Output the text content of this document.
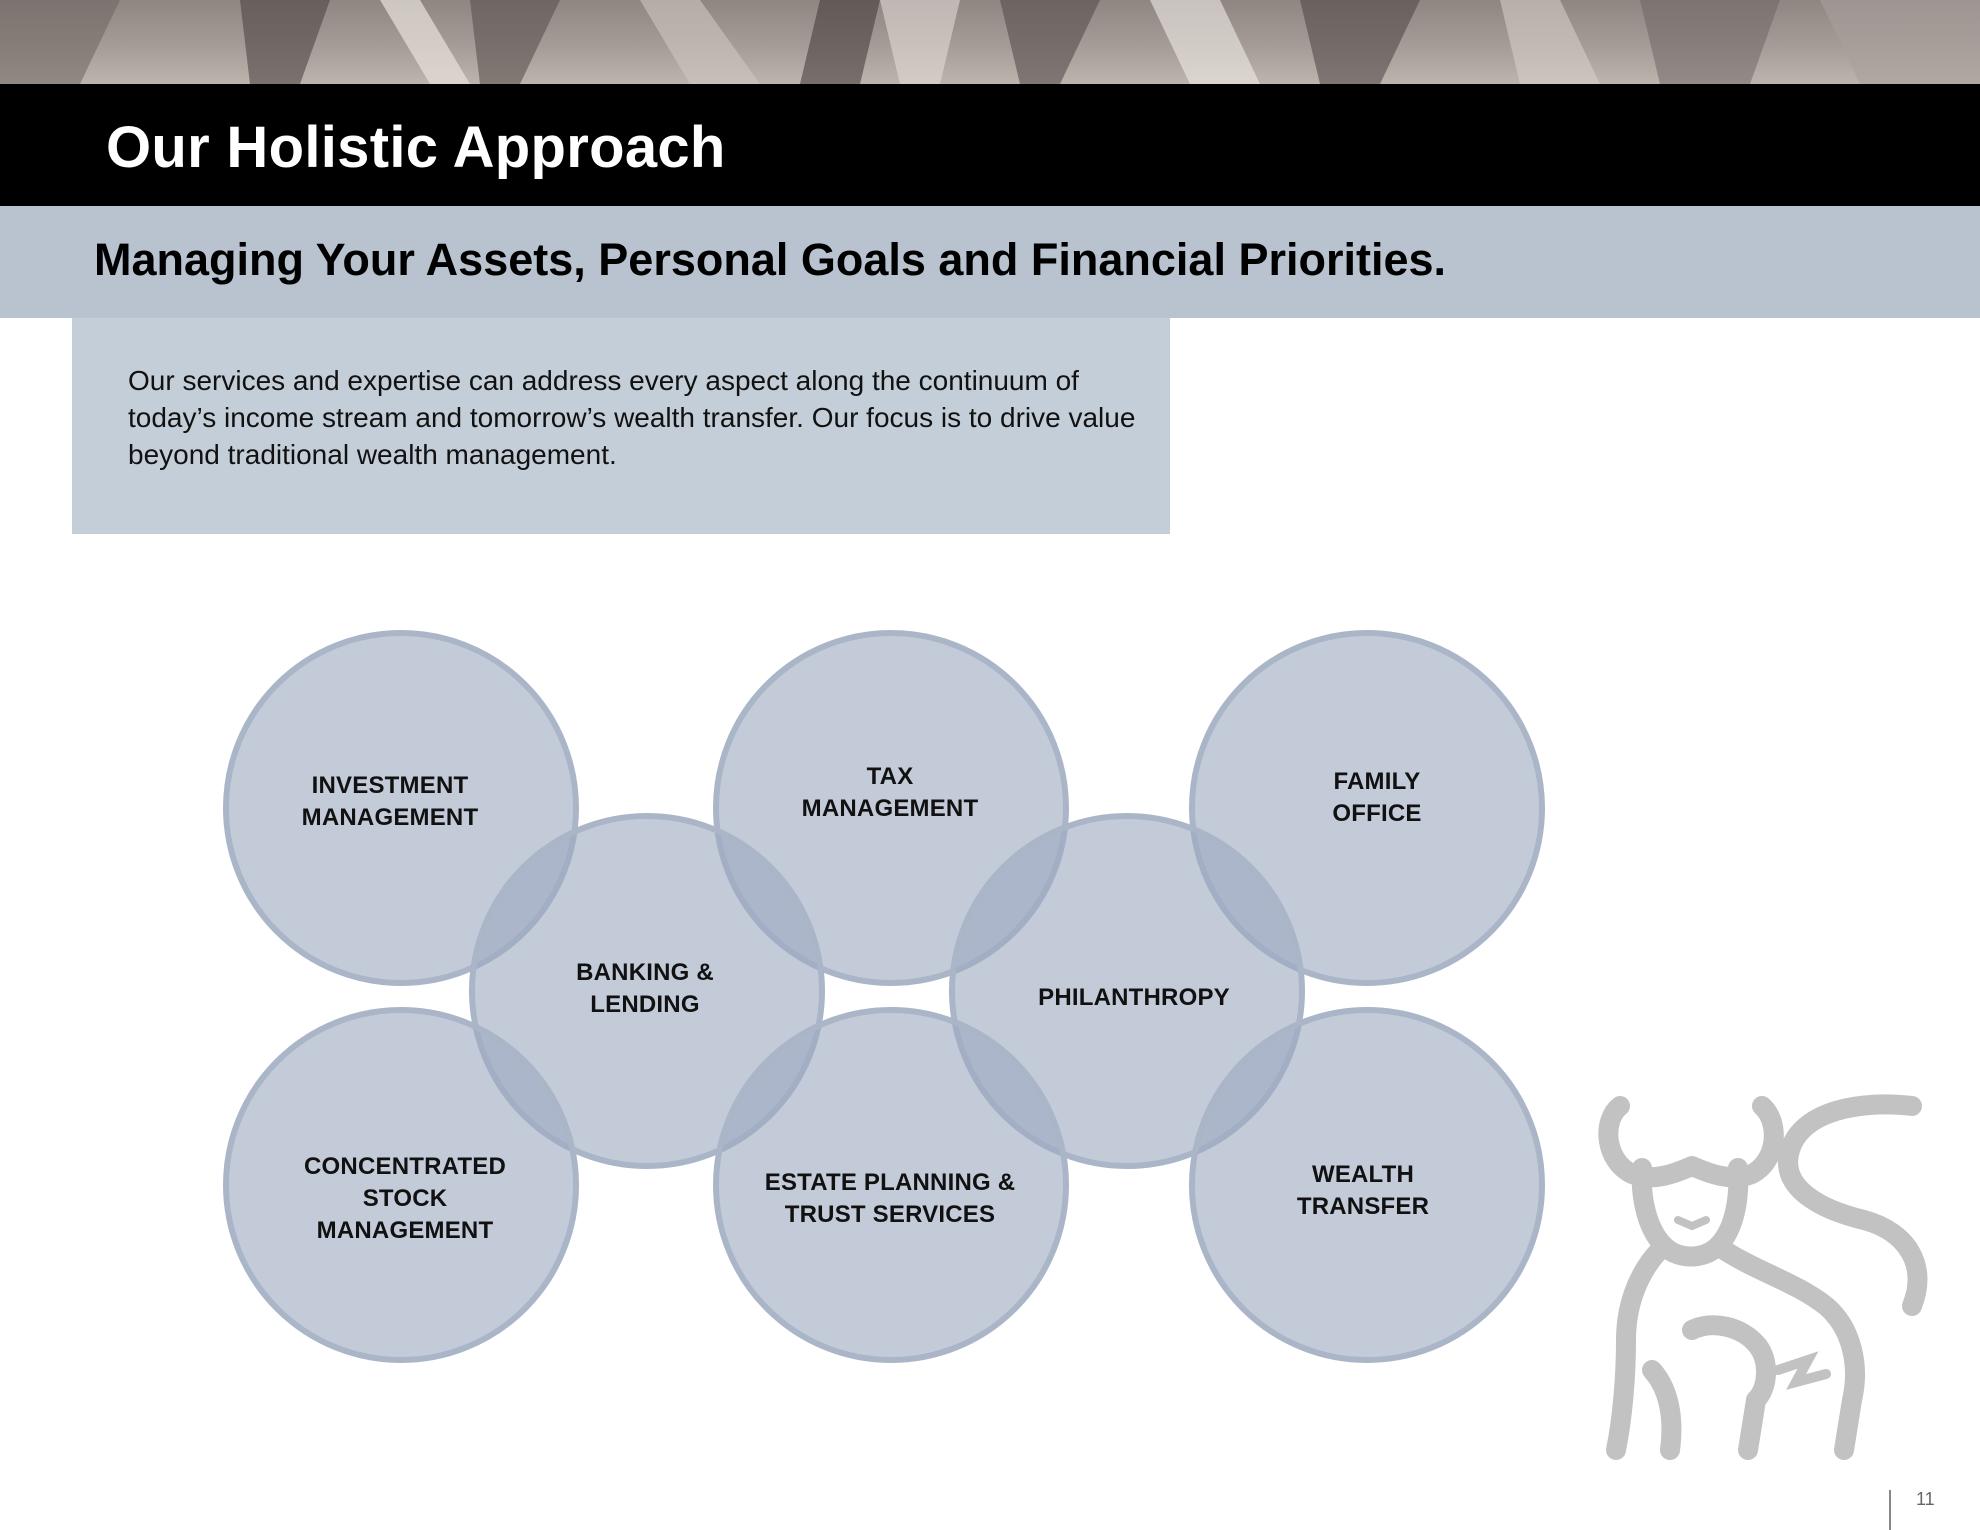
Our Holistic Approach
Managing Your Assets, Personal Goals and Financial Priorities.

Our services and expertise can address every aspect along the continuum of today’s income stream and tomorrow’s wealth transfer. Our focus is to drive value beyond traditional wealth management.

INVESTMENT
MANAGEMENT
TAX
MANAGEMENT
FAMILY
OFFICE
BANKING &
LENDING	PHILANTHROPY
CONCENTRATED
STOCK
MANAGEMENT
ESTATE PLANNING &
TRUST SERVICES
WEALTH
TRANSFER
11
